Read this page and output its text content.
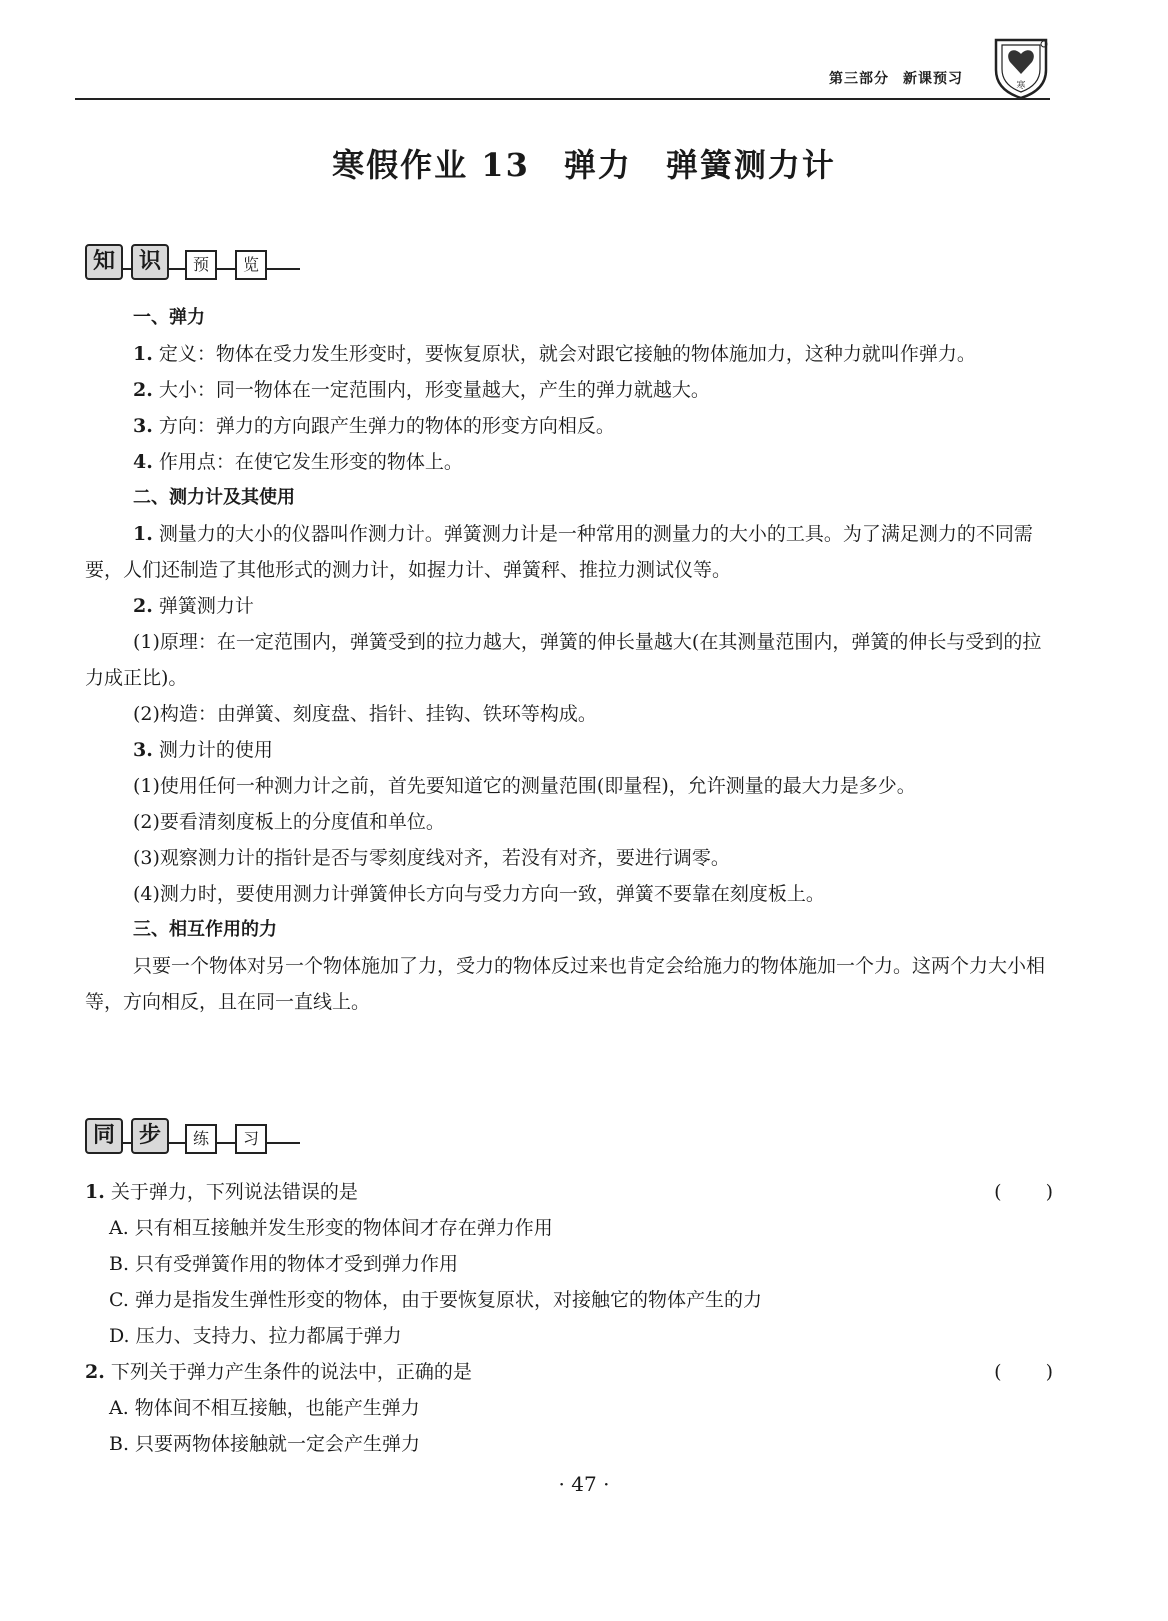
第三部分 新课预习	寒
寒假作业 13　弹力　弹簧测力计
知	识	预	览

一、弹力

1. 定义：物体在受力发生形变时，要恢复原状，就会对跟它接触的物体施加力，这种力就叫作弹力。

2. 大小：同一物体在一定范围内，形变量越大，产生的弹力就越大。

3. 方向：弹力的方向跟产生弹力的物体的形变方向相反。

4. 作用点：在使它发生形变的物体上。

二、测力计及其使用

1. 测量力的大小的仪器叫作测力计。弹簧测力计是一种常用的测量力的大小的工具。为了满足测力的不同需要，人们还制造了其他形式的测力计，如握力计、弹簧秤、推拉力测试仪等。

2. 弹簧测力计

(1)原理：在一定范围内，弹簧受到的拉力越大，弹簧的伸长量越大(在其测量范围内，弹簧的伸长与受到的拉力成正比)。

(2)构造：由弹簧、刻度盘、指针、挂钩、铁环等构成。

3. 测力计的使用

(1)使用任何一种测力计之前，首先要知道它的测量范围(即量程)，允许测量的最大力是多少。

(2)要看清刻度板上的分度值和单位。

(3)观察测力计的指针是否与零刻度线对齐，若没有对齐，要进行调零。

(4)测力时，要使用测力计弹簧伸长方向与受力方向一致，弹簧不要靠在刻度板上。

三、相互作用的力

只要一个物体对另一个物体施加了力，受力的物体反过来也肯定会给施力的物体施加一个力。这两个力大小相等，方向相反，且在同一直线上。

同	步	练	习

1. 关于弹力，下列说法错误的是	(　　)

A. 只有相互接触并发生形变的物体间才存在弹力作用

B. 只有受弹簧作用的物体才受到弹力作用

C. 弹力是指发生弹性形变的物体，由于要恢复原状，对接触它的物体产生的力

D. 压力、支持力、拉力都属于弹力

2. 下列关于弹力产生条件的说法中，正确的是	(　　)

A. 物体间不相互接触，也能产生弹力

B. 只要两物体接触就一定会产生弹力

· 47 ·
